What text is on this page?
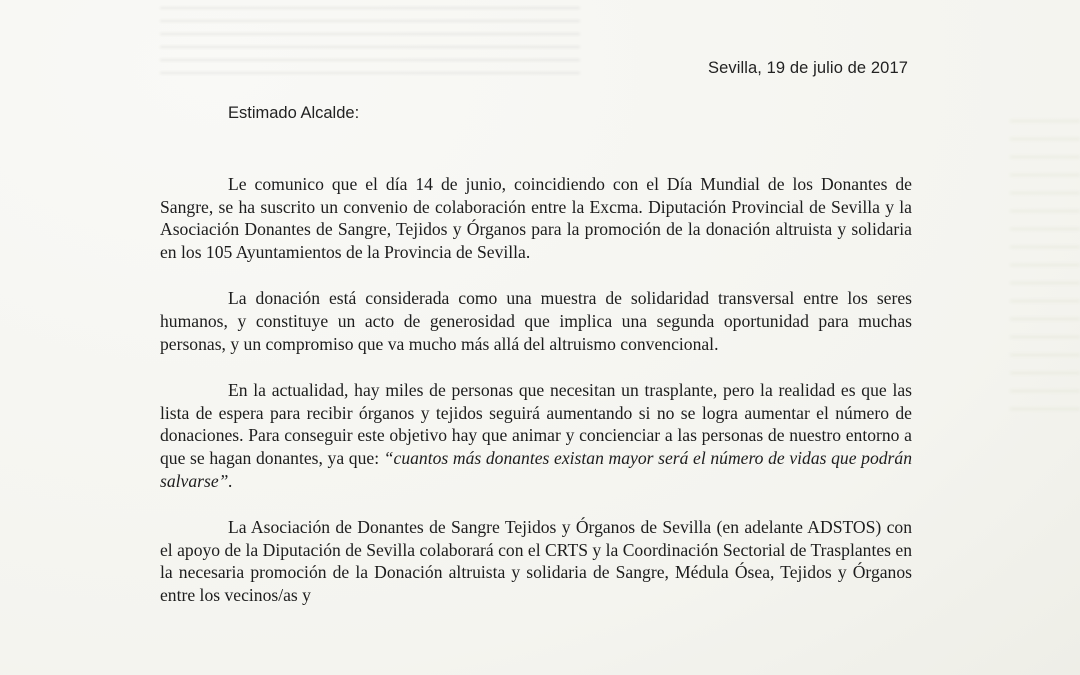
Sevilla, 19 de julio de 2017
Estimado Alcalde:

Le comunico que el día 14 de junio, coincidiendo con el Día Mundial de los Donantes de Sangre, se ha suscrito un convenio de colaboración entre la Excma. Diputación Provincial de Sevilla y la Asociación Donantes de Sangre, Tejidos y Órganos para la promoción de la donación altruista y solidaria en los 105 Ayuntamientos de la Provincia de Sevilla.

La donación está considerada como una muestra de solidaridad transversal entre los seres humanos, y constituye un acto de generosidad que implica una segunda oportunidad para muchas personas, y un compromiso que va mucho más allá del altruismo convencional.

En la actualidad, hay miles de personas que necesitan un trasplante, pero la realidad es que las lista de espera para recibir órganos y tejidos seguirá aumentando si no se logra aumentar el número de donaciones. Para conseguir este objetivo hay que animar y concienciar a las personas de nuestro entorno a que se hagan donantes, ya que: “cuantos más donantes existan mayor será el número de vidas que podrán salvarse”.

La Asociación de Donantes de Sangre Tejidos y Órganos de Sevilla (en adelante ADSTOS) con el apoyo de la Diputación de Sevilla colaborará con el CRTS y la Coordinación Sectorial de Trasplantes en la necesaria promoción de la Donación altruista y solidaria de Sangre, Médula Ósea, Tejidos y Órganos entre los vecinos/as y
